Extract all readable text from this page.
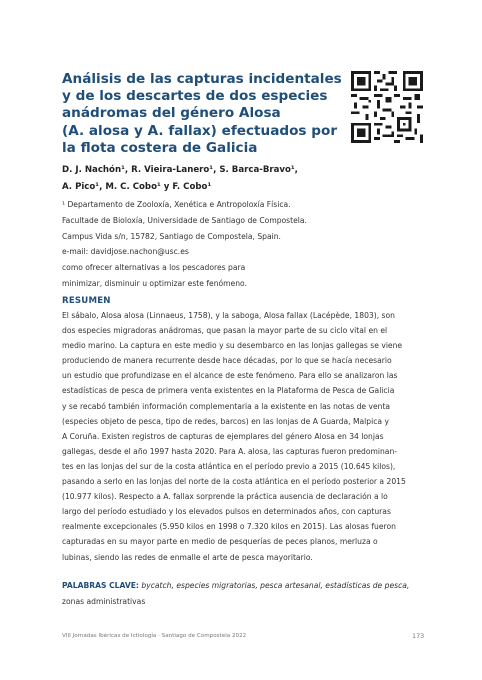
Análisis de las capturas incidentales
y de los descartes de dos especies
anádromas del género Alosa
(A. alosa y A. fallax) efectuados por
la flota costera de Galicia
D. J. Nachón¹, R. Vieira-Lanero¹, S. Barca-Bravo¹,
A. Pico¹, M. C. Cobo¹ y F. Cobo¹
¹ Departamento de Zooloxía, Xenética e Antropoloxía Física.
Facultade de Bioloxía, Universidade de Santiago de Compostela.
Campus Vida s/n, 15782, Santiago de Compostela, Spain.
e-mail: davidjose.nachon@usc.es
como ofrecer alternativas a los pescadores para
minimizar, disminuir u optimizar este fenómeno.
RESUMEN
El sábalo, Alosa alosa (Linnaeus, 1758), y la saboga, Alosa fallax (Lacépède, 1803), son
dos especies migradoras anádromas, que pasan la mayor parte de su ciclo vital en el
medio marino. La captura en este medio y su desembarco en las lonjas gallegas se viene
produciendo de manera recurrente desde hace décadas, por lo que se hacía necesario
un estudio que profundizase en el alcance de este fenómeno. Para ello se analizaron las
estadísticas de pesca de primera venta existentes en la Plataforma de Pesca de Galicia
y se recabó también información complementaria a la existente en las notas de venta
(especies objeto de pesca, tipo de redes, barcos) en las lonjas de A Guarda, Malpica y
A Coruña. Existen registros de capturas de ejemplares del género Alosa en 34 lonjas
gallegas, desde el año 1997 hasta 2020. Para A. alosa, las capturas fueron predominan-
tes en las lonjas del sur de la costa atlántica en el período previo a 2015 (10.645 kilos),
pasando a serlo en las lonjas del norte de la costa atlántica en el período posterior a 2015
(10.977 kilos). Respecto a A. fallax sorprende la práctica ausencia de declaración a lo
largo del período estudiado y los elevados pulsos en determinados años, con capturas
realmente excepcionales (5.950 kilos en 1998 o 7.320 kilos en 2015). Las alosas fueron
capturadas en su mayor parte en medio de pesquerías de peces planos, merluza o
lubinas, siendo las redes de enmalle el arte de pesca mayoritario.
PALABRAS CLAVE: bycatch, especies migratorias, pesca artesanal, estadísticas de pesca,
zonas administrativas
VIII Jornadas Ibéricas de Ictiología · Santiago de Compostela 2022	173
